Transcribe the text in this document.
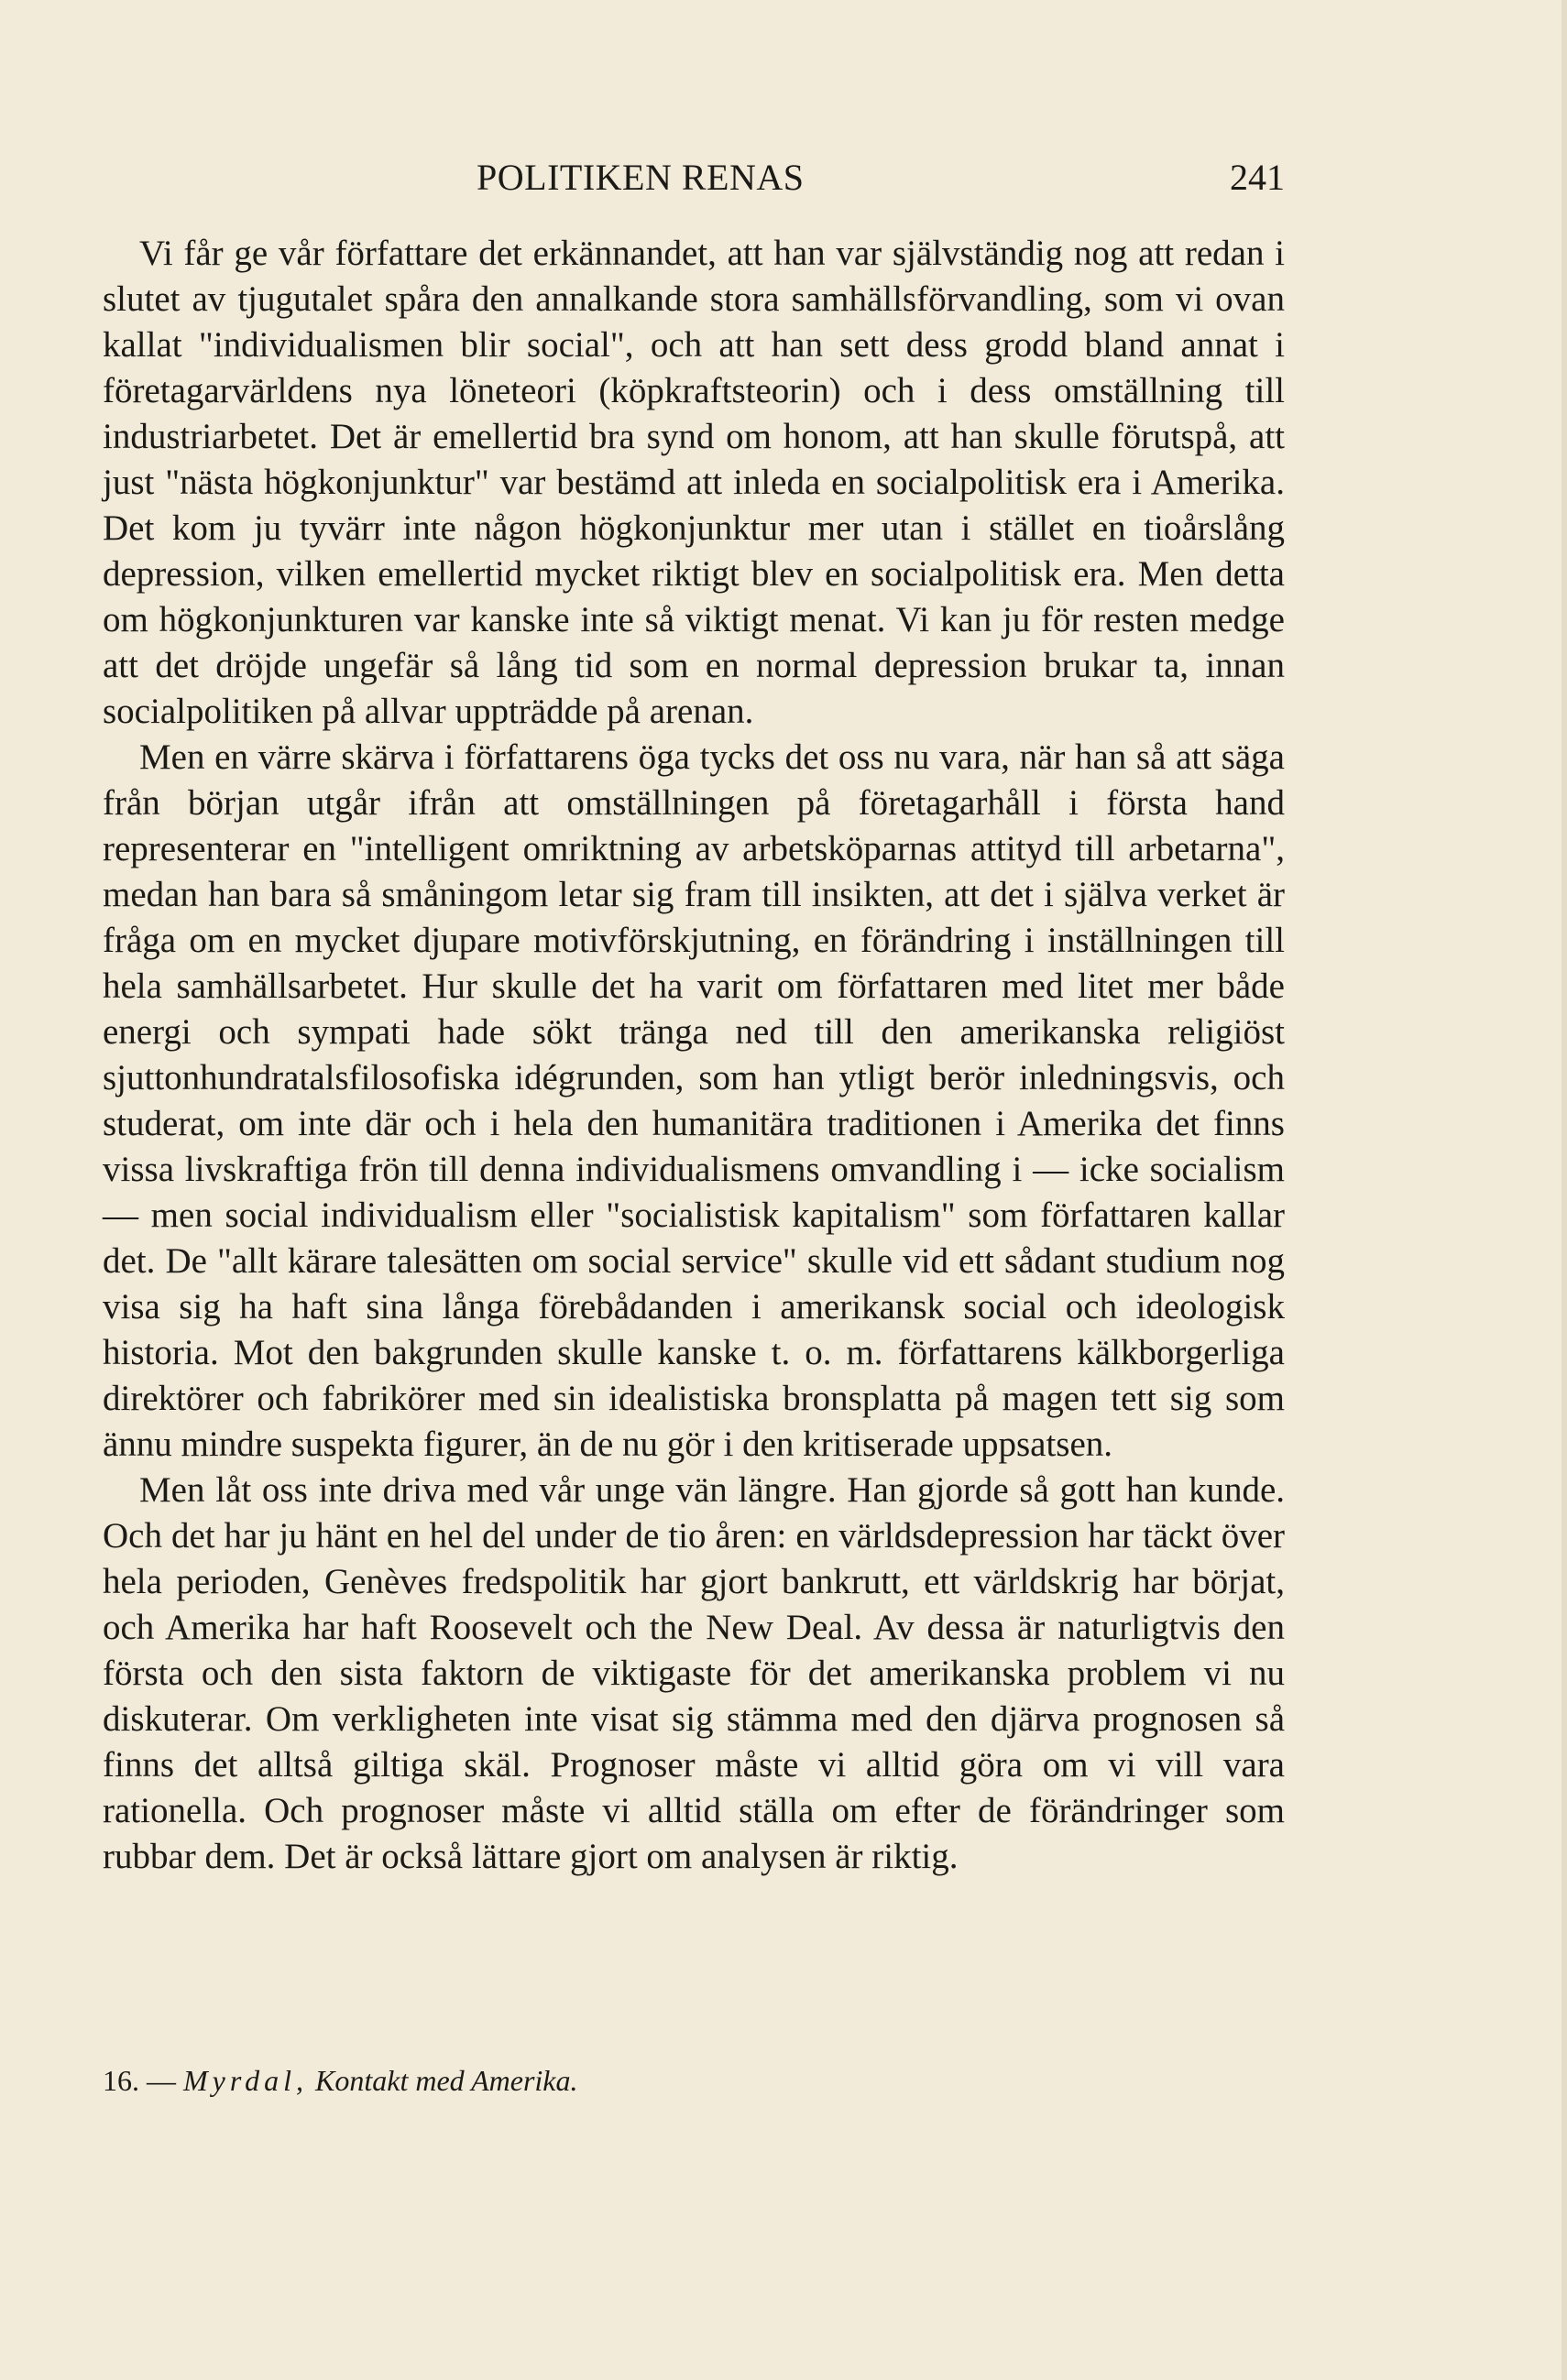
POLITIKEN RENAS	241

Vi får ge vår författare det erkännandet, att han var självständig nog att redan i slutet av tjugutalet spåra den annalkande stora samhällsförvandling, som vi ovan kallat "individualismen blir social", och att han sett dess grodd bland annat i företagarvärldens nya löneteori (köpkraftsteorin) och i dess omställning till industriarbetet. Det är emellertid bra synd om honom, att han skulle förutspå, att just "nästa högkonjunktur" var bestämd att inleda en socialpolitisk era i Amerika. Det kom ju tyvärr inte någon högkonjunktur mer utan i stället en tioårslång depression, vilken emellertid mycket riktigt blev en socialpolitisk era. Men detta om högkonjunkturen var kanske inte så viktigt menat. Vi kan ju för resten medge att det dröjde ungefär så lång tid som en normal depression brukar ta, innan socialpolitiken på allvar uppträdde på arenan.

Men en värre skärva i författarens öga tycks det oss nu vara, när han så att säga från början utgår ifrån att omställningen på företagarhåll i första hand representerar en "intelligent omriktning av arbetsköparnas attityd till arbetarna", medan han bara så småningom letar sig fram till insikten, att det i själva verket är fråga om en mycket djupare motivförskjutning, en förändring i inställningen till hela samhällsarbetet. Hur skulle det ha varit om författaren med litet mer både energi och sympati hade sökt tränga ned till den amerikanska religiöst sjuttonhundratalsfilosofiska idégrunden, som han ytligt berör inledningsvis, och studerat, om inte där och i hela den humanitära traditionen i Amerika det finns vissa livskraftiga frön till denna individualismens omvandling i — icke socialism — men social individualism eller "socialistisk kapitalism" som författaren kallar det. De "allt kärare talesätten om social service" skulle vid ett sådant studium nog visa sig ha haft sina långa förebådanden i amerikansk social och ideologisk historia. Mot den bakgrunden skulle kanske t. o. m. författarens kälkborgerliga direktörer och fabrikörer med sin idealistiska bronsplatta på magen tett sig som ännu mindre suspekta figurer, än de nu gör i den kritiserade uppsatsen.

Men låt oss inte driva med vår unge vän längre. Han gjorde så gott han kunde. Och det har ju hänt en hel del under de tio åren: en världsdepression har täckt över hela perioden, Genèves fredspolitik har gjort bankrutt, ett världskrig har börjat, och Amerika har haft Roosevelt och the New Deal. Av dessa är naturligtvis den första och den sista faktorn de viktigaste för det amerikanska problem vi nu diskuterar. Om verkligheten inte visat sig stämma med den djärva prognosen så finns det alltså giltiga skäl. Prognoser måste vi alltid göra om vi vill vara rationella. Och prognoser måste vi alltid ställa om efter de förändringer som rubbar dem. Det är också lättare gjort om analysen är riktig.

16. — Myrdal, Kontakt med Amerika.
